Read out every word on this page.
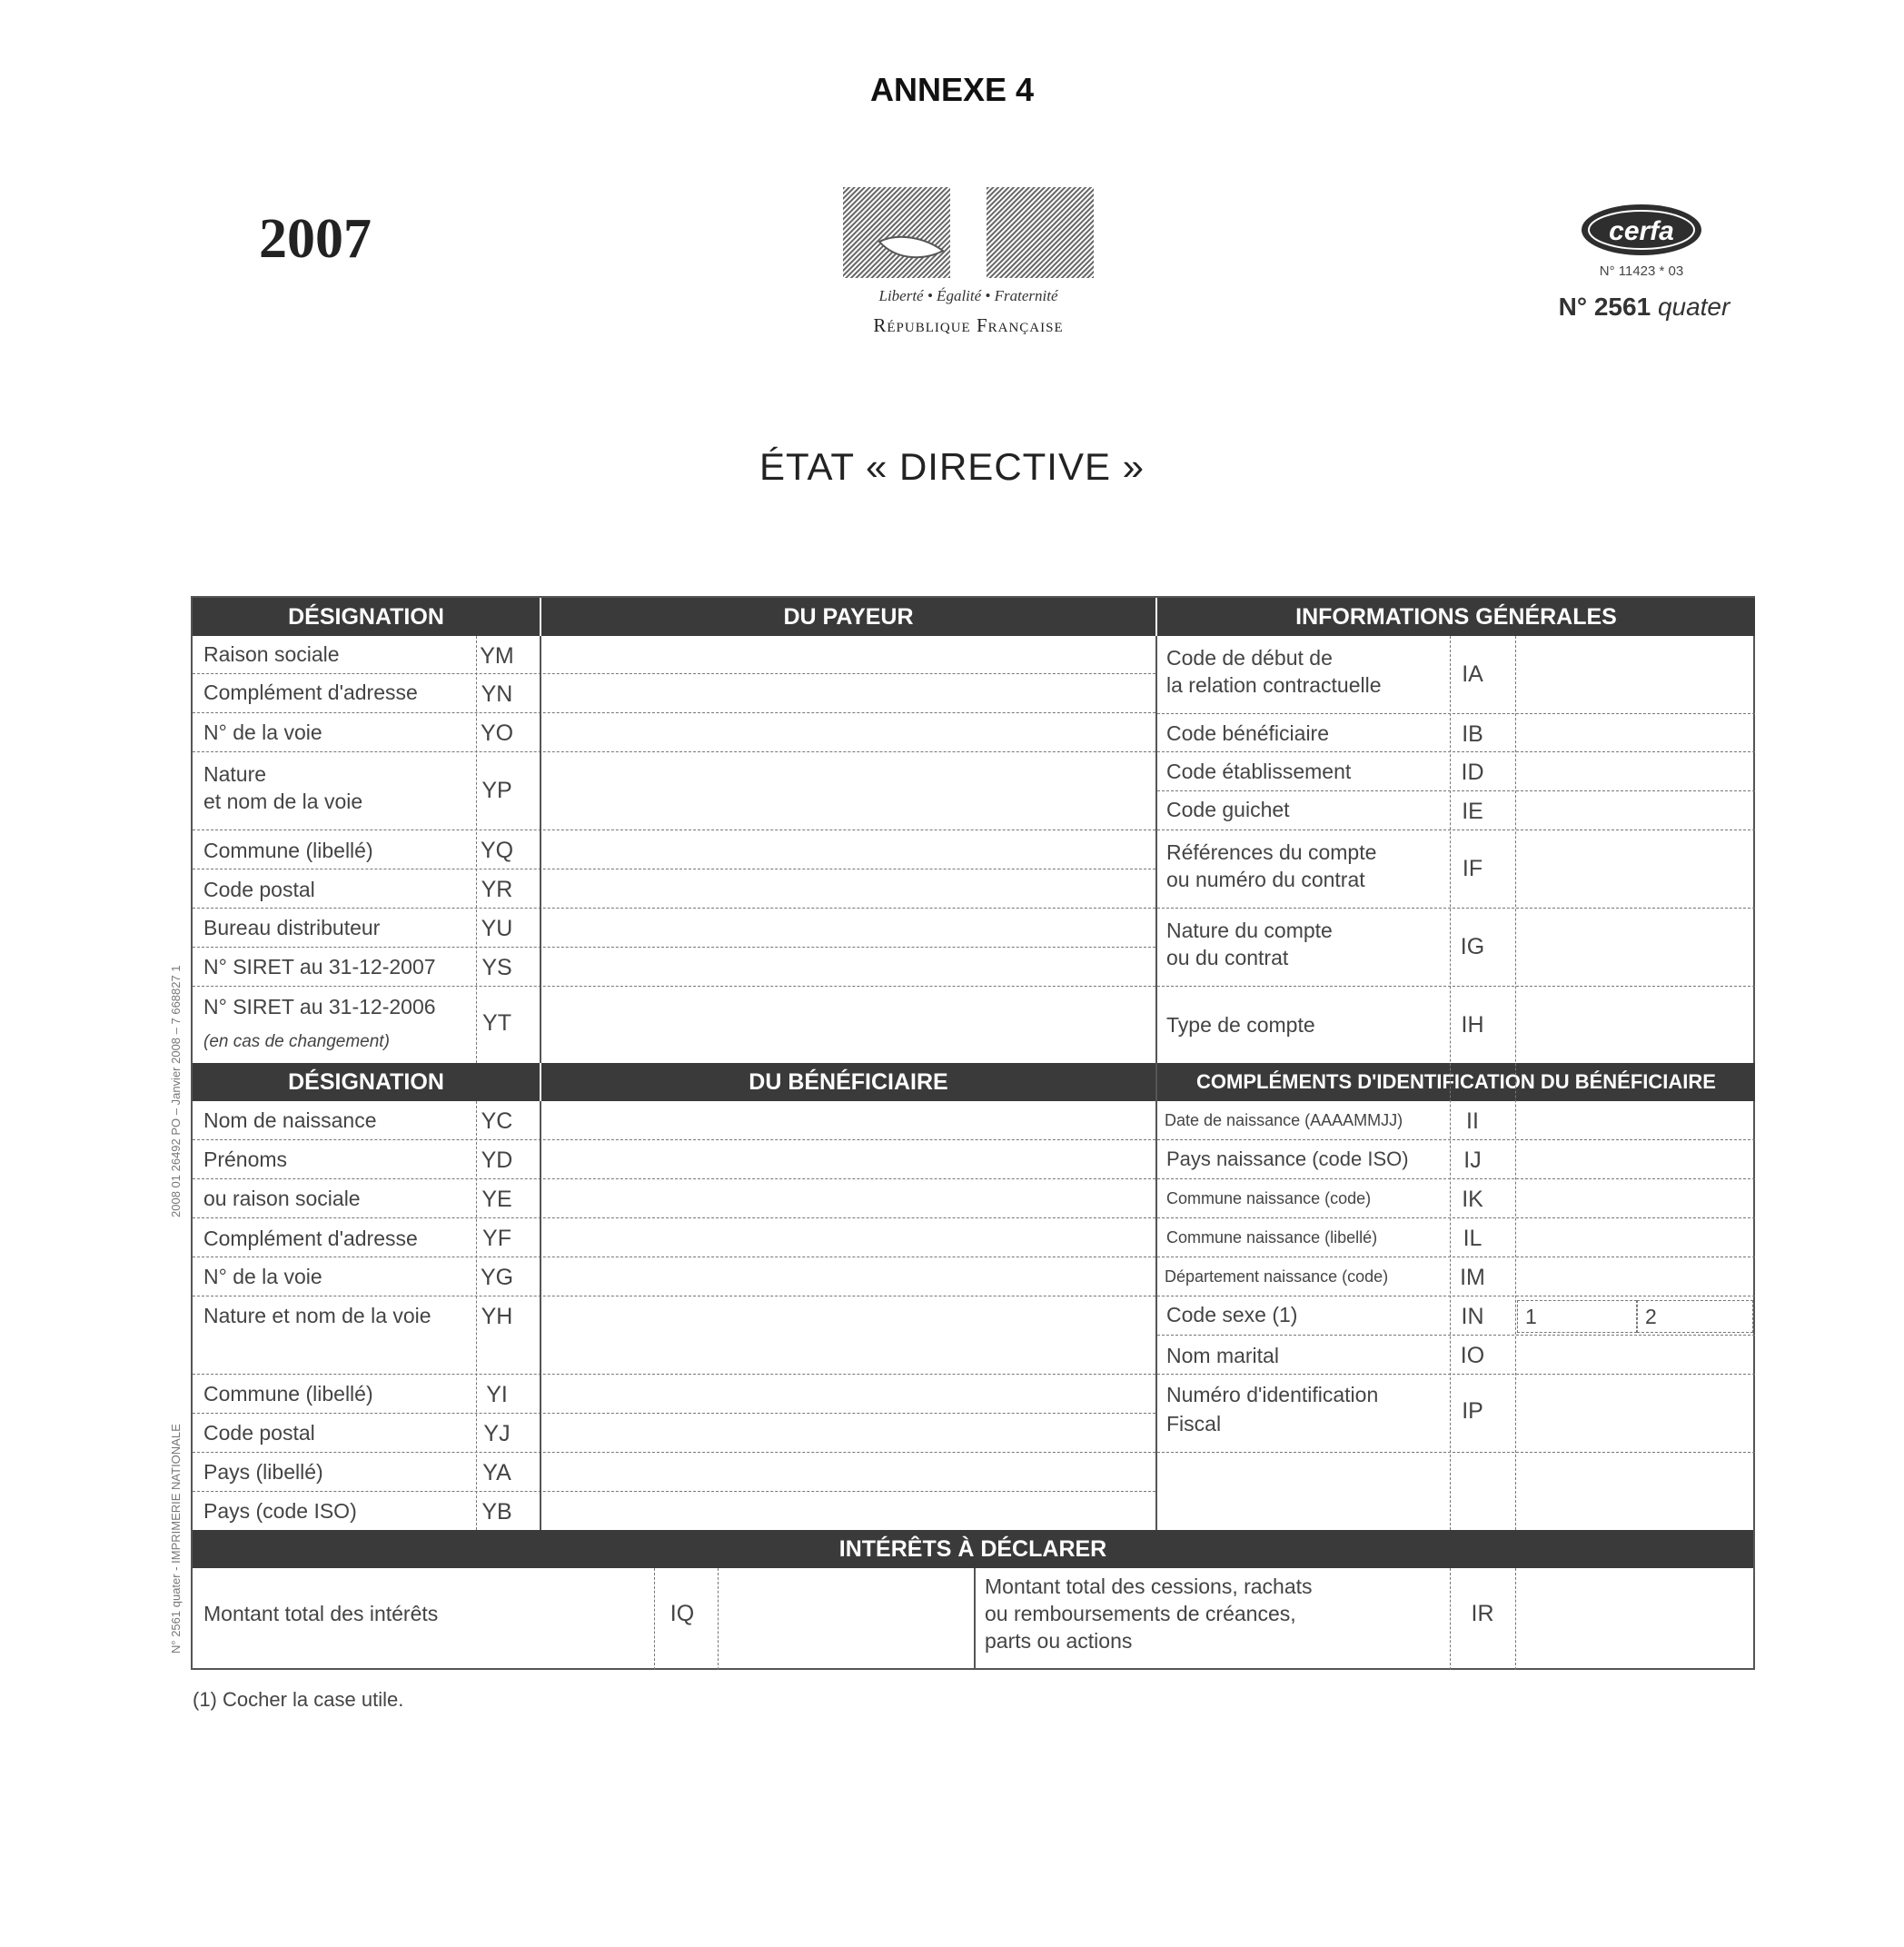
ANNEXE 4
2007
Liberté • Égalité • Fraternité
République Française
cerfa
N° 11423 * 03
N° 2561 quater
ÉTAT « DIRECTIVE »
2008 01 26492 PO – Janvier 2008 – 7 668827 1
N° 2561 quater - IMPRIMERIE NATIONALE
DÉSIGNATION	DU PAYEUR	INFORMATIONS GÉNÉRALES
Raison sociale	YM
Complément d'adresse	YN
N° de la voie	YO
Nature
et nom de la voie	YP
Commune (libellé)	YQ
Code postal	YR
Bureau distributeur	YU
N° SIRET au 31-12-2007	YS
N° SIRET au 31-12-2006
(en cas de changement)
YT
Code de début de
la relation contractuelle	IA
Code bénéficiaire	IB
Code établissement	ID
Code guichet	IE
Références du compte
ou numéro du contrat	IF
Nature du compte
ou du contrat	IG
Type de compte	IH
DÉSIGNATION	DU BÉNÉFICIAIRE	COMPLÉMENTS D'IDENTIFICATION DU BÉNÉFICIAIRE
Nom de naissance	YC
Prénoms	YD
ou raison sociale	YE
Complément d'adresse	YF
N° de la voie	YG
Nature et nom de la voie	YH
Commune (libellé)	YI
Code postal	YJ
Pays (libellé)	YA
Pays (code ISO)	YB
Date de naissance (AAAAMMJJ)	II
Pays naissance (code ISO)	IJ
Commune naissance (code)	IK
Commune naissance (libellé)	IL
Département naissance (code)	IM
Code sexe (1)	IN	1	2
Nom marital	IO
Numéro d'identification
Fiscal	IP
INTÉRÊTS À DÉCLARER
Montant total des intérêts	IQ
Montant total des cessions, rachats
ou remboursements de créances,
parts ou actions
IR
(1) Cocher la case utile.
